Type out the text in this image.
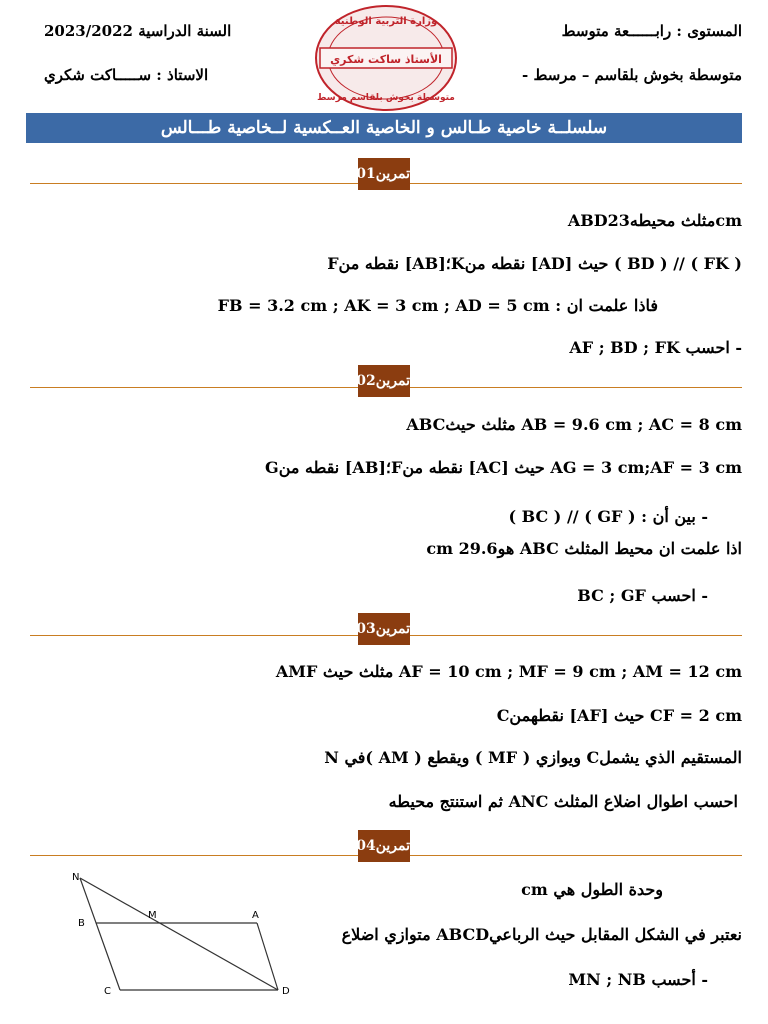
المستوى : رابــــــعة متوسط
متوسطة بخوش بلقاسم – مرسط -
السنة الدراسية 2023/2022
الاستاذ : ســـــاكت شكري
وزارة التربية الوطنية
الأستاذ ساكت شكري
متوسطة بخوش بلقاسم مرسط
سلسلــة خاصية طـالس و الخاصية العــكسية لــخاصية طـــالس
تمرين01
ABDمثلث محيطه23cm
Fنقطه من [AB]؛Kنقطه من [AD] حيث ( BD ) // ( FK )
فاذا علمت ان : FB = 3.2 cm ; AK = 3 cm ; AD = 5 cm
- احسب AF ; BD ; FK
تمرين02
ABCمثلث حيث AB = 9.6 cm ; AC = 8 cm
Gنقطه من [AB]؛Fنقطه من [AC] حيث AG = 3 cm;AF = 3 cm
- بين أن : ( GF ) // ( BC )
اذا علمت ان محيط المثلث ABC هو29.6 cm
- احسب BC ; GF
تمرين03
AMF مثلث حيث AF = 10 cm ; MF = 9 cm ; AM = 12 cm
Cنقطهمن [AF] حيث CF = 2 cm
المستقيم الذي يشملC ويوازي ( MF ) ويقطع ( AM )في N
احسب اطوال اضلاع المثلث ANC ثم استنتج محيطه
تمرين04
وحدة الطول هي cm
نعتبر في الشكل المقابل حيث الرباعيABCD متوازي اضلاع
- أحسب MN ; NB
N
B
M	A
C	D
